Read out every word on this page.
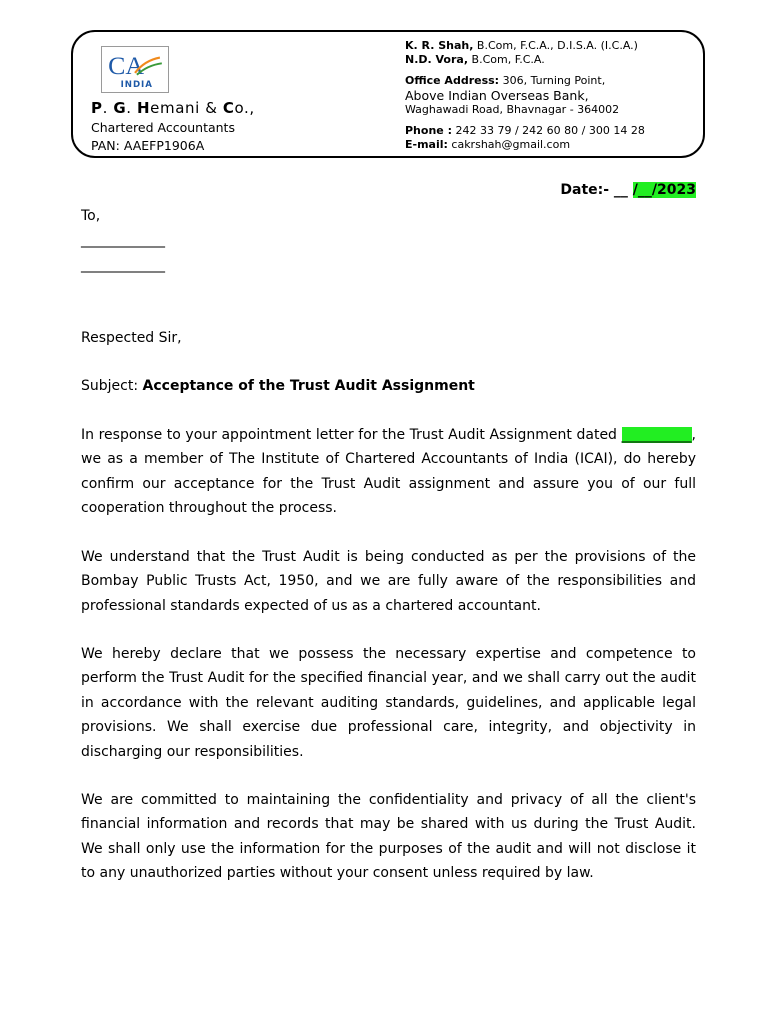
CA
INDIA
P. G. Hemani & Co.,
Chartered Accountants
PAN: AAEFP1906A
K. R. Shah, B.Com, F.C.A., D.I.S.A. (I.C.A.)
N.D. Vora, B.Com, F.C.A.
Office Address: 306, Turning Point,
Above Indian Overseas Bank,
Waghawadi Road, Bhavnagar - 364002
Phone : 242 33 79 / 242 60 80 / 300 14 28
E-mail: cakrshah@gmail.com
Date:- __ /__/2023
To,
____________
____________
Respected Sir,
Subject: Acceptance of the Trust Audit Assignment

In response to your appointment letter for the Trust Audit Assignment dated __________, we as a member of The Institute of Chartered Accountants of India (ICAI), do hereby confirm our acceptance for the Trust Audit assignment and assure you of our full cooperation throughout the process.

We understand that the Trust Audit is being conducted as per the provisions of the Bombay Public Trusts Act, 1950, and we are fully aware of the responsibilities and professional standards expected of us as a chartered accountant.

We hereby declare that we possess the necessary expertise and competence to perform the Trust Audit for the specified financial year, and we shall carry out the audit in accordance with the relevant auditing standards, guidelines, and applicable legal provisions. We shall exercise due professional care, integrity, and objectivity in discharging our responsibilities.

We are committed to maintaining the confidentiality and privacy of all the client's financial information and records that may be shared with us during the Trust Audit. We shall only use the information for the purposes of the audit and will not disclose it to any unauthorized parties without your consent unless required by law.
